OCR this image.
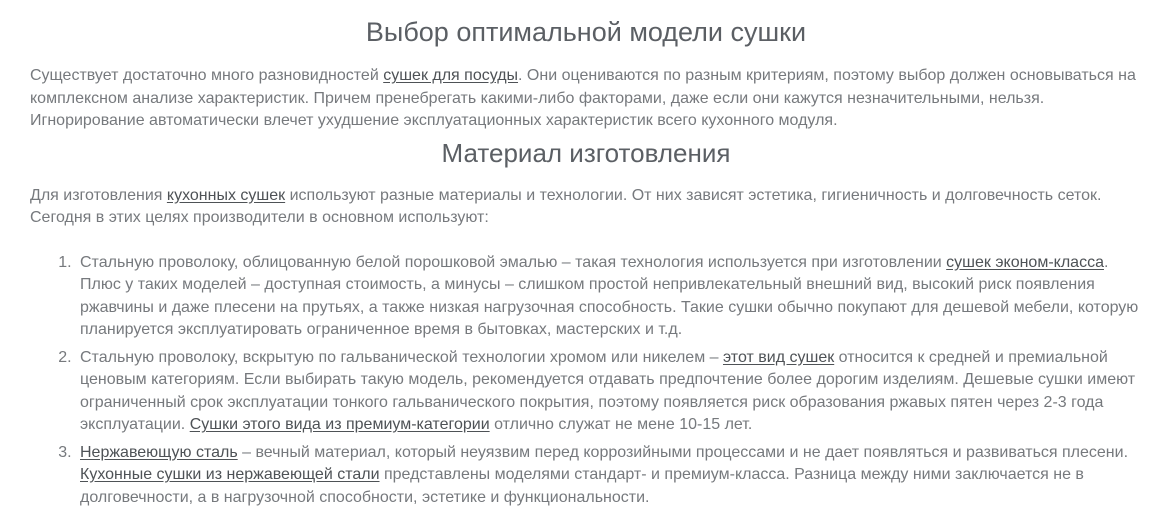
Выбор оптимальной модели сушки

Существует достаточно много разновидностей сушек для посуды. Они оцениваются по разным критериям, поэтому выбор должен основываться на комплексном анализе характеристик. Причем пренебрегать какими-либо факторами, даже если они кажутся незначительными, нельзя. Игнорирование автоматически влечет ухудшение эксплуатационных характеристик всего кухонного модуля.

Материал изготовления

Для изготовления кухонных сушек используют разные материалы и технологии. От них зависят эстетика, гигиеничность и долговечность сеток. Сегодня в этих целях производители в основном используют:

1. Стальную проволоку, облицованную белой порошковой эмалью – такая технология используется при изготовлении сушек эконом-класса. Плюс у таких моделей – доступная стоимость, а минусы – слишком простой непривлекательный внешний вид, высокий риск появления ржавчины и даже плесени на прутьях, а также низкая нагрузочная способность. Такие сушки обычно покупают для дешевой мебели, которую планируется эксплуатировать ограниченное время в бытовках, мастерских и т.д.
2. Стальную проволоку, вскрытую по гальванической технологии хромом или никелем – этот вид сушек относится к средней и премиальной ценовым категориям. Если выбирать такую модель, рекомендуется отдавать предпочтение более дорогим изделиям. Дешевые сушки имеют ограниченный срок эксплуатации тонкого гальванического покрытия, поэтому появляется риск образования ржавых пятен через 2-3 года эксплуатации. Сушки этого вида из премиум-категории отлично служат не мене 10-15 лет.
3. Нержавеющую сталь – вечный материал, который неуязвим перед коррозийными процессами и не дает появляться и развиваться плесени. Кухонные сушки из нержавеющей стали представлены моделями стандарт- и премиум-класса. Разница между ними заключается не в долговечности, а в нагрузочной способности, эстетике и функциональности.
